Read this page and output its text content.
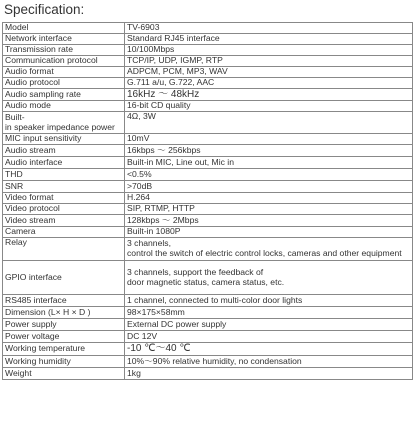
Specification:
Model	TV-6903
Network interface	Standard RJ45 interface
Transmission rate	10/100Mbps
Communication protocol	TCP/IP, UDP, IGMP, RTP
Audio format	ADPCM, PCM, MP3, WAV
Audio protocol	G.711 a/u, G.722, AAC
Audio sampling rate	16kHz ～ 48kHz
Audio mode	16-bit CD quality
Built-
in speaker impedance power	4Ω, 3W
MIC input sensitivity	10mV
Audio stream	16kbps ～ 256kbps
Audio interface	Built-in MIC, Line out, Mic in
THD	<0.5%
SNR	>70dB
Video format	H.264
Video protocol	SIP, RTMP, HTTP
Video stream	128kbps ～ 2Mbps
Camera	Built-in 1080P
Relay	3 channels,
control the switch of electric control locks, cameras and other equipment
GPIO interface	3 channels, support the feedback of
door magnetic status, camera status, etc.
RS485 interface	1 channel, connected to multi-color door lights
Dimension (L× H × D )	98×175×58mm
Power supply	External DC power supply
Power voltage	DC 12V
Working temperature	-10 ℃～40 ℃
Working humidity	10%～90% relative humidity, no condensation
Weight	1kg
